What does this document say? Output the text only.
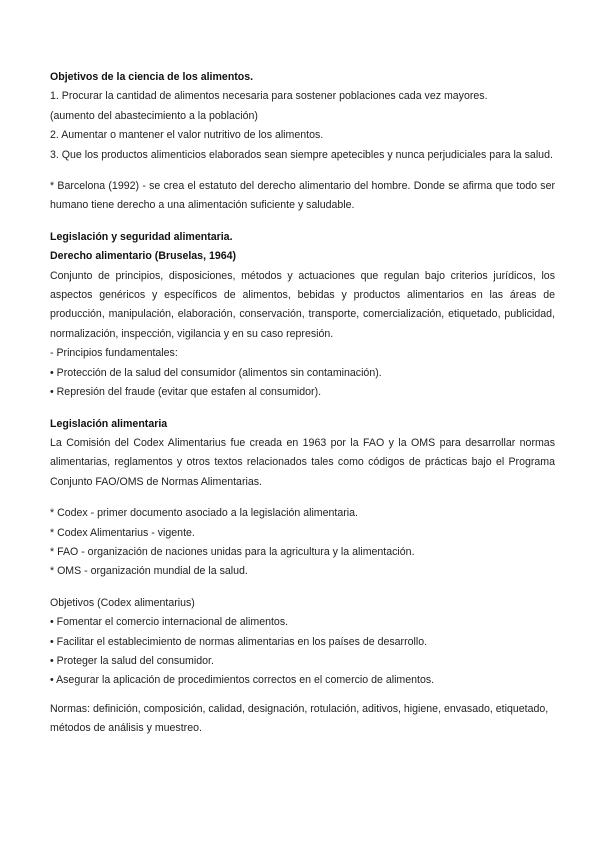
Objetivos de la ciencia de los alimentos.

1. Procurar la cantidad de alimentos necesaria para sostener poblaciones cada vez mayores.

(aumento del abastecimiento a la población)

2. Aumentar o mantener el valor nutritivo de los alimentos.

3. Que los productos alimenticios elaborados sean siempre apetecibles y nunca perjudiciales para la salud.

* Barcelona (1992) - se crea el estatuto del derecho alimentario del hombre. Donde se afirma que todo ser humano tiene derecho a una alimentación suficiente y saludable.

Legislación y seguridad alimentaria.

Derecho alimentario (Bruselas, 1964)

Conjunto de principios, disposiciones, métodos y actuaciones que regulan bajo criterios jurídicos, los aspectos genéricos y específicos de alimentos, bebidas y productos alimentarios en las áreas de producción, manipulación, elaboración, conservación, transporte, comercialización, etiquetado, publicidad, normalización, inspección, vigilancia y en su caso represión.

- Principios fundamentales:

• Protección de la salud del consumidor (alimentos sin contaminación).

• Represión del fraude (evitar que estafen al consumidor).

Legislación alimentaria

La Comisión del Codex Alimentarius fue creada en 1963 por la FAO y la OMS para desarrollar normas alimentarias, reglamentos y otros textos relacionados tales como códigos de prácticas bajo el Programa Conjunto FAO/OMS de Normas Alimentarias.

* Codex - primer documento asociado a la legislación alimentaria.

* Codex Alimentarius - vigente.

* FAO - organización de naciones unidas para la agricultura y la alimentación.

* OMS - organización mundial de la salud.

Objetivos (Codex alimentarius)

• Fomentar el comercio internacional de alimentos.

• Facilitar el establecimiento de normas alimentarias en los países de desarrollo.

• Proteger la salud del consumidor.

• Asegurar la aplicación de procedimientos correctos en el comercio de alimentos.

Normas: definición, composición, calidad, designación, rotulación, aditivos, higiene, envasado, etiquetado, métodos de análisis y muestreo.
